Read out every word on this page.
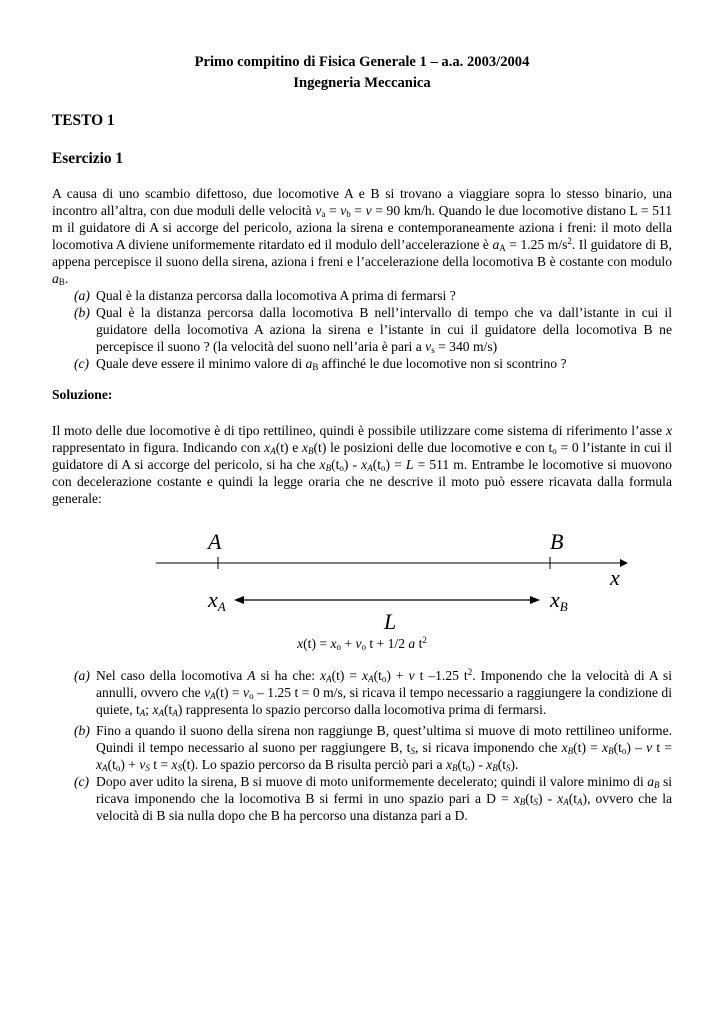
Primo compitino di Fisica Generale 1 – a.a. 2003/2004
Ingegneria Meccanica
TESTO 1
Esercizio 1
A causa di uno scambio difettoso, due locomotive A e B si trovano a viaggiare sopra lo stesso binario, una incontro all’altra, con due moduli delle velocità $v_a = v_b = v = 90$ km/h. Quando le due locomotive distano L = 511 m il guidatore di A si accorge del pericolo, aziona la sirena e contemporaneamente aziona i freni: il moto della locomotiva A diviene uniformemente ritardato ed il modulo dell’accelerazione è $a_A = 1.25$ $m/s^2$. Il guidatore di B, appena percepisce il suono della sirena, aziona i freni e l’accelerazione della locomotiva B è costante con modulo $a_B$.
(a) Qual è la distanza percorsa dalla locomotiva A prima di fermarsi ?
(b) Qual è la distanza percorsa dalla locomotiva B nell’intervallo di tempo che va dall’istante in cui il guidatore della locomotiva A aziona la sirena e l’istante in cui il guidatore della locomotiva B ne percepisce il suono ? (la velocità del suono nell’aria è pari a $v_s = 340$ m/s)
(c) Quale deve essere il minimo valore di $a_B$ affinché le due locomotive non si scontrino ?
Soluzione:
Il moto delle due locomotive è di tipo rettilineo, quindi è possibile utilizzare come sistema di riferimento l’asse x rappresentato in figura. Indicando con $x_A(t)$ e $x_B(t)$ le posizioni delle due locomotive e con $t_o = 0$ l’istante in cui il guidatore di A si accorge del pericolo, si ha che $x_B(t_o) - x_A(t_o) = L = 511$ m. Entrambe le locomotive si muovono con decelerazione costante e quindi la legge oraria che ne descrive il moto può essere ricavata dalla formula generale:
$x(t) = x_o + v_o$ t + 1/2 a $t^2$
(a) Nel caso della locomotiva A si ha che: $x_A(t) = x_A(t_o) + v$ t –1.25 $t^2$. Imponendo che la velocità di A si annulli, ovvero che $v_A(t) = v_o - 1.25$ t = 0 m/s, si ricava il tempo necessario a raggiungere la condizione di quiete, $t_A$; $x_A(t_A)$ rappresenta lo spazio percorso dalla locomotiva prima di fermarsi.
(b) Fino a quando il suono della sirena non raggiunge B, quest’ultima si muove di moto rettilineo uniforme. Quindi il tempo necessario al suono per raggiungere B, $t_S$, si ricava imponendo che $x_B(t) = x_B(t_o) - v$ $t = x_A(t_o) + v_S$ $t = x_S(t)$. Lo spazio percorso da B risulta perciò pari a $x_B(t_o) - x_B(t_S)$.
(c) Dopo aver udito la sirena, B si muove di moto uniformemente decelerato; quindi il valore minimo di $a_B$ si ricava imponendo che la locomotiva B si fermi in uno spazio pari a $D = x_B(t_S) - x_A(t_A)$, ovvero che la velocità di B sia nulla dopo che B ha percorso una distanza pari a D.
A	B
x
xA	xB
L
